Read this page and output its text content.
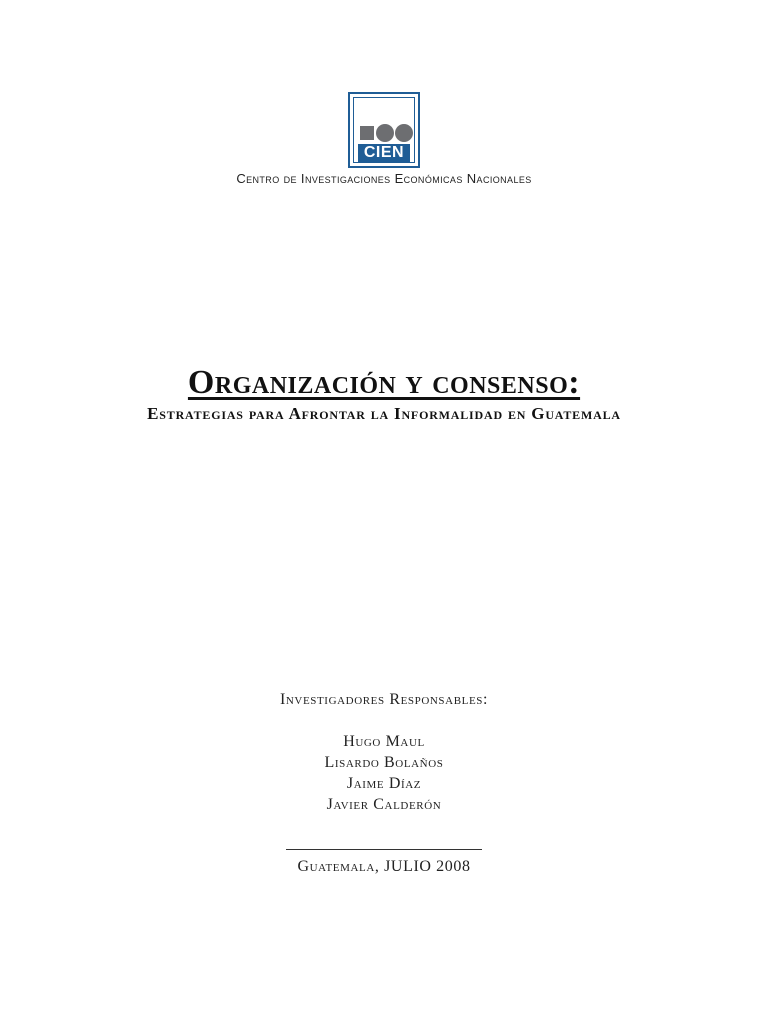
CIEN
Centro de Investigaciones Económicas Nacionales
Organización y consenso:
Estrategias para Afrontar la Informalidad en Guatemala
Investigadores Responsables:
Hugo Maul
Lisardo Bolaños
Jaime Díaz
Javier Calderón
Guatemala, JULIO 2008
